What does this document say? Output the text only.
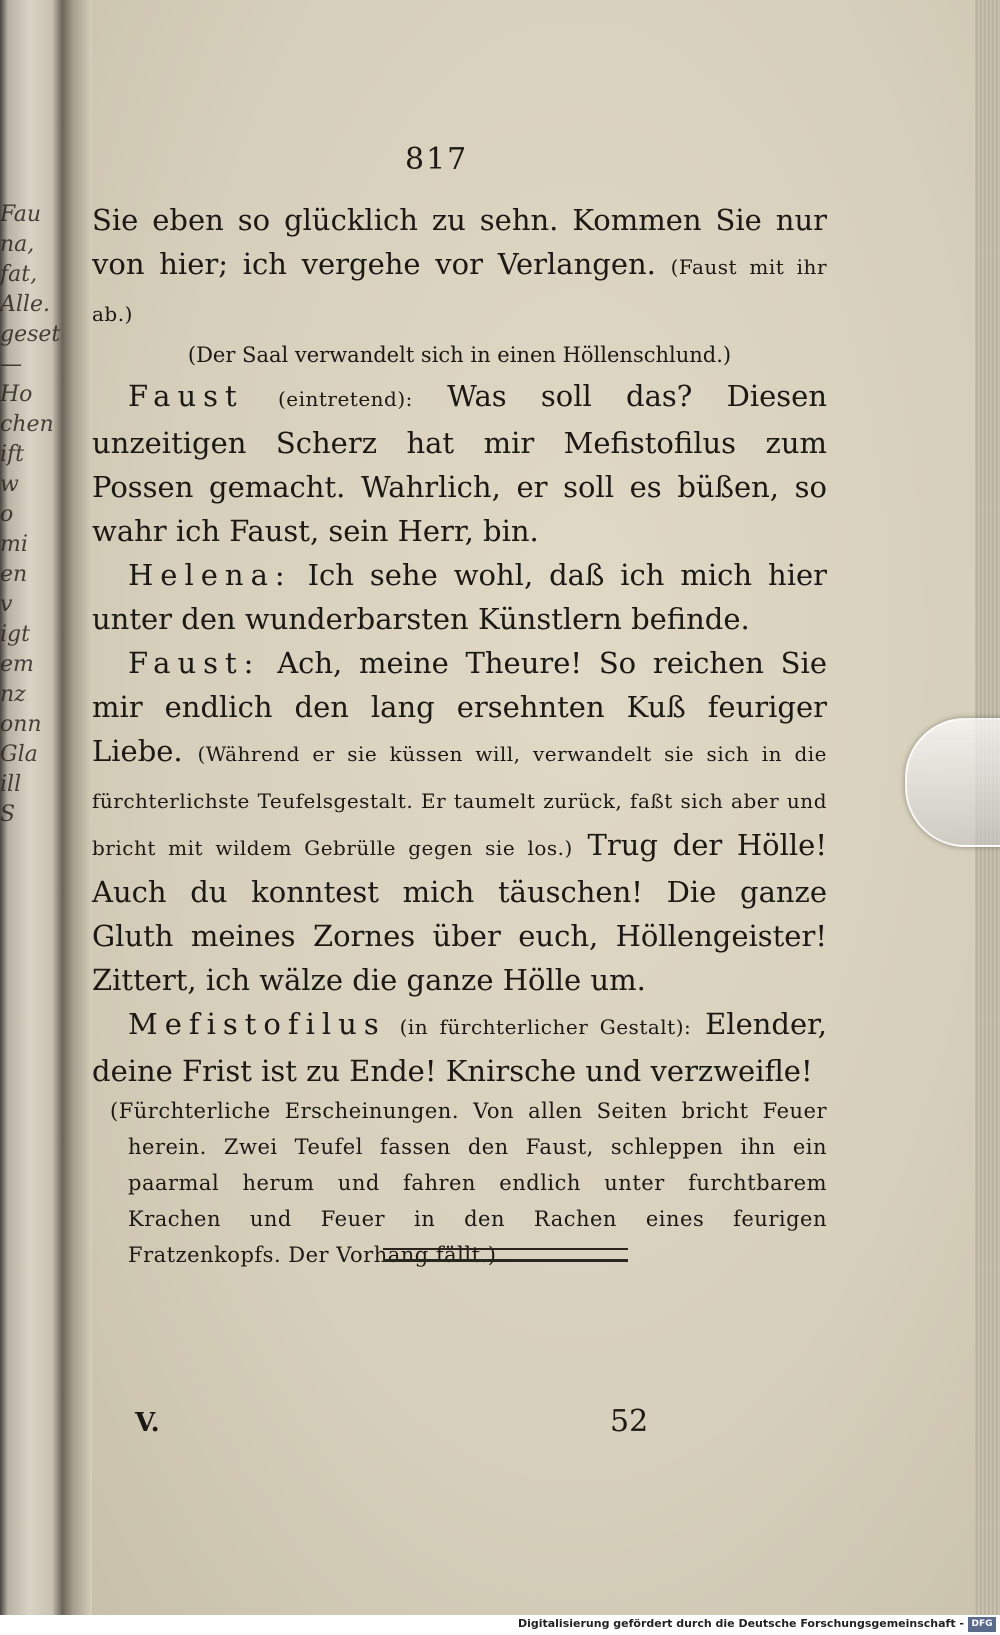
Fau
na,
fat,
Alle.
geset
— Ho
chen
ift w
o mi
en v
igt
em
nz
onn
Gla
ill S
817

Sie eben so glücklich zu sehn. Kommen Sie nur von hier; ich vergehe vor Verlangen. (Faust mit ihr ab.)

(Der Saal verwandelt sich in einen Höllenschlund.)

Faust (eintretend): Was soll das? Diesen unzeitigen Scherz hat mir Mefistofilus zum Possen gemacht. Wahrlich, er soll es büßen, so wahr ich Faust, sein Herr, bin.

Helena: Ich sehe wohl, daß ich mich hier unter den wunderbarsten Künstlern befinde.

Faust: Ach, meine Theure! So reichen Sie mir endlich den lang ersehnten Kuß feuriger Liebe. (Während er sie küssen will, verwandelt sie sich in die fürchterlichste Teufelsgestalt. Er taumelt zurück, faßt sich aber und bricht mit wildem Gebrülle gegen sie los.) Trug der Hölle! Auch du konntest mich täuschen! Die ganze Gluth meines Zornes über euch, Höllengeister! Zittert, ich wälze die ganze Hölle um.

Mefistofilus (in fürchterlicher Gestalt): Elender, deine Frist ist zu Ende! Knirsche und verzweifle!

(Fürchterliche Erscheinungen. Von allen Seiten bricht Feuer herein. Zwei Teufel fassen den Faust, schleppen ihn ein paarmal herum und fahren endlich unter furchtbarem Krachen und Feuer in den Rachen eines feurigen Fratzenkopfs. Der Vorhang fällt.)

V.	52
Digitalisierung gefördert durch die Deutsche Forschungsgemeinschaft - DFG
